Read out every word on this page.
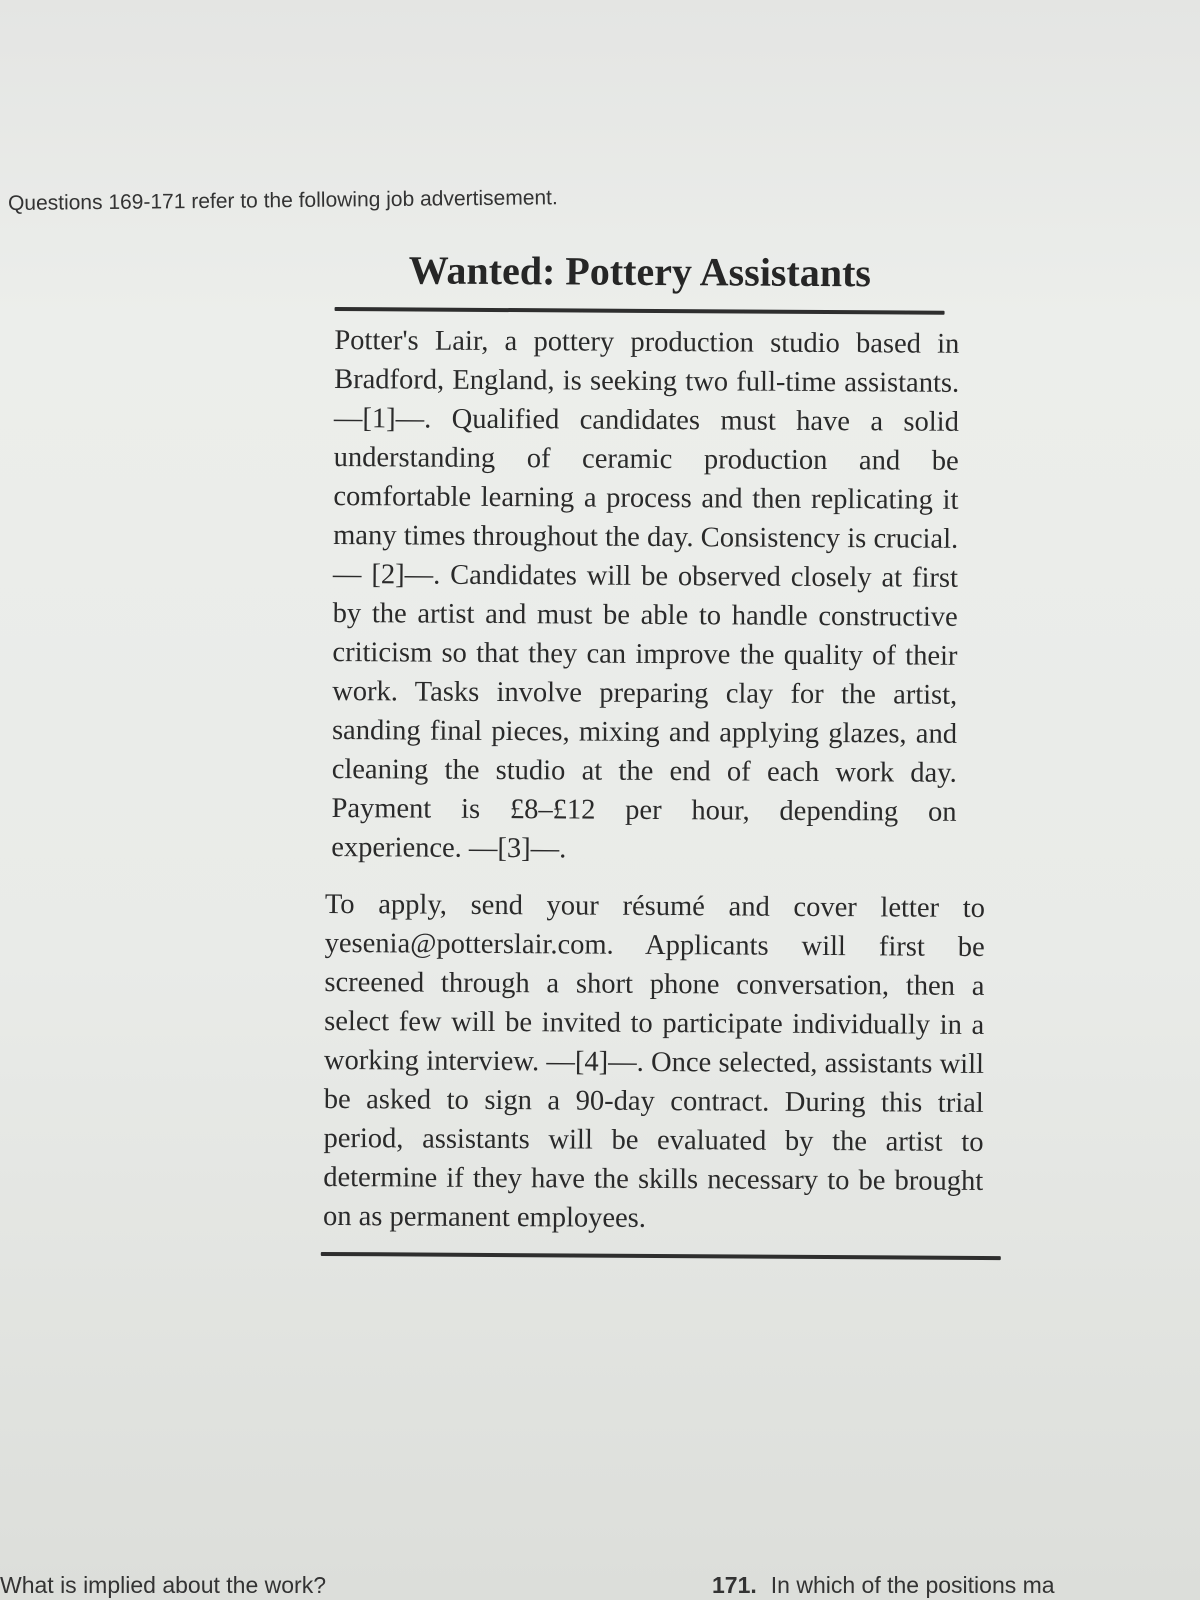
Questions 169-171 refer to the following job advertisement.
Wanted: Pottery Assistants

Potter's Lair, a pottery production studio based in Bradford, England, is seeking two full-time assistants. —[1]—. Qualified candidates must have a solid understanding of ceramic production and be comfortable learning a process and then replicating it many times throughout the day. Consistency is crucial.— [2]—. Candidates will be observed closely at first by the artist and must be able to handle constructive criticism so that they can improve the quality of their work. Tasks involve preparing clay for the artist, sanding final pieces, mixing and applying glazes, and cleaning the studio at the end of each work day. Payment is £8–£12 per hour, depending on experience. —[3]—.

To apply, send your résumé and cover letter to yesenia@potterslair.com. Applicants will first be screened through a short phone conversation, then a select few will be invited to participate individually in a working interview. —[4]—. Once selected, assistants will be asked to sign a 90-day contract. During this trial period, assistants will be evaluated by the artist to determine if they have the skills necessary to be brought on as permanent employees.

What is implied about the work?	171. In which of the positions ma
